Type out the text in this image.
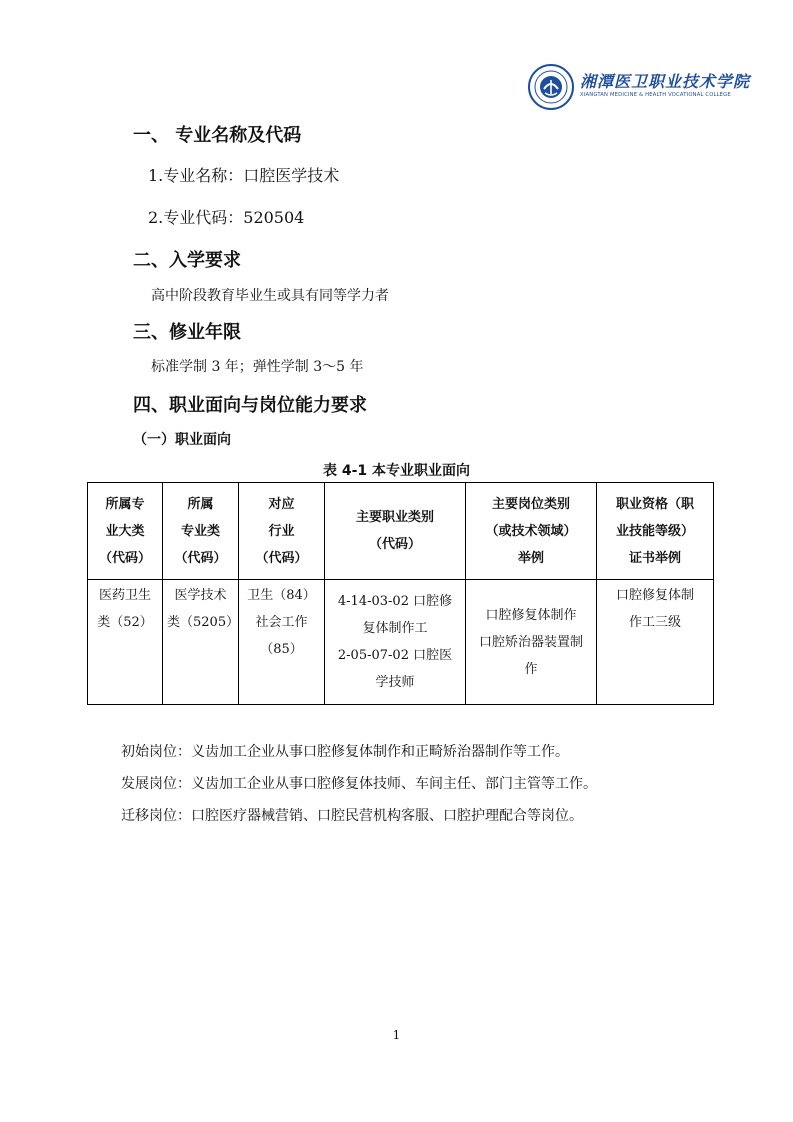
湘潭医卫职业技术学院
XIANGTAN MEDICINE & HEALTH VOCATIONAL COLLEGE
一、 专业名称及代码
1.专业名称：口腔医学技术
2.专业代码：520504
二、入学要求
高中阶段教育毕业生或具有同等学力者
三、修业年限
标准学制 3 年；弹性学制 3～5 年
四、职业面向与岗位能力要求
（一）职业面向
表 4-1 本专业职业面向
所属专
业大类
（代码）	所属
专业类
（代码）	对应
行业
（代码）	主要职业类别
（代码）	主要岗位类别
（或技术领域）
举例	职业资格（职
业技能等级）
证书举例

医药卫生
类（52）	医学技术
类（5205）	卫生（84）
社会工作
（85）	4-14-03-02 口腔修
复体制作工
2-05-07-02 口腔医
学技师	口腔修复体制作
口腔矫治器装置制
作	口腔修复体制
作工三级
初始岗位：义齿加工企业从事口腔修复体制作和正畸矫治器制作等工作。
发展岗位：义齿加工企业从事口腔修复体技师、车间主任、部门主管等工作。
迁移岗位：口腔医疗器械营销、口腔民营机构客服、口腔护理配合等岗位。
1
